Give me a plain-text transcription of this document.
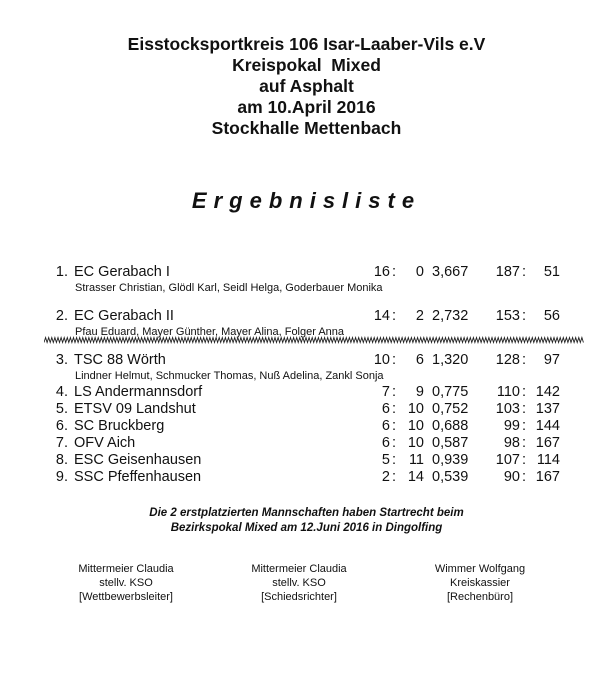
Eisstocksportkreis 106 Isar-Laaber-Vils e.V
Kreispokal  Mixed
auf Asphalt
am 10.April 2016
Stockhalle Mettenbach
Ergebnisliste
1. EC Gerabach I	16 :	0 3,667	187 :	51
Strasser Christian, Glödl Karl, Seidl Helga, Goderbauer Monika
2. EC Gerabach II	14 :	2 2,732	153 :	56
Pfau Eduard, Mayer Günther, Mayer Alina, Folger Anna
3. TSC 88 Wörth	10 :	6 1,320	128 :	97
Lindner Helmut, Schmucker Thomas, Nuß Adelina, Zankl Sonja
4. LS Andermannsdorf	7 :	9 0,775	110 : 142
5. ETSV 09 Landshut	6 : 10 0,752	103 : 137
6. SC Bruckberg	6 : 10 0,688	99 : 144
7. OFV Aich	6 : 10 0,587	98 : 167
8. ESC Geisenhausen	5 : 11 0,939	107 : 114
9. SSC Pfeffenhausen	2 : 14 0,539	90 : 167
Die 2 erstplatzierten Mannschaften haben Startrecht beim
Bezirkspokal Mixed am 12.Juni 2016 in Dingolfing
Mittermeier Claudia
stellv. KSO
[Wettbewerbsleiter]
Mittermeier Claudia
stellv. KSO
[Schiedsrichter]
Wimmer Wolfgang
Kreiskassier
[Rechenbüro]
